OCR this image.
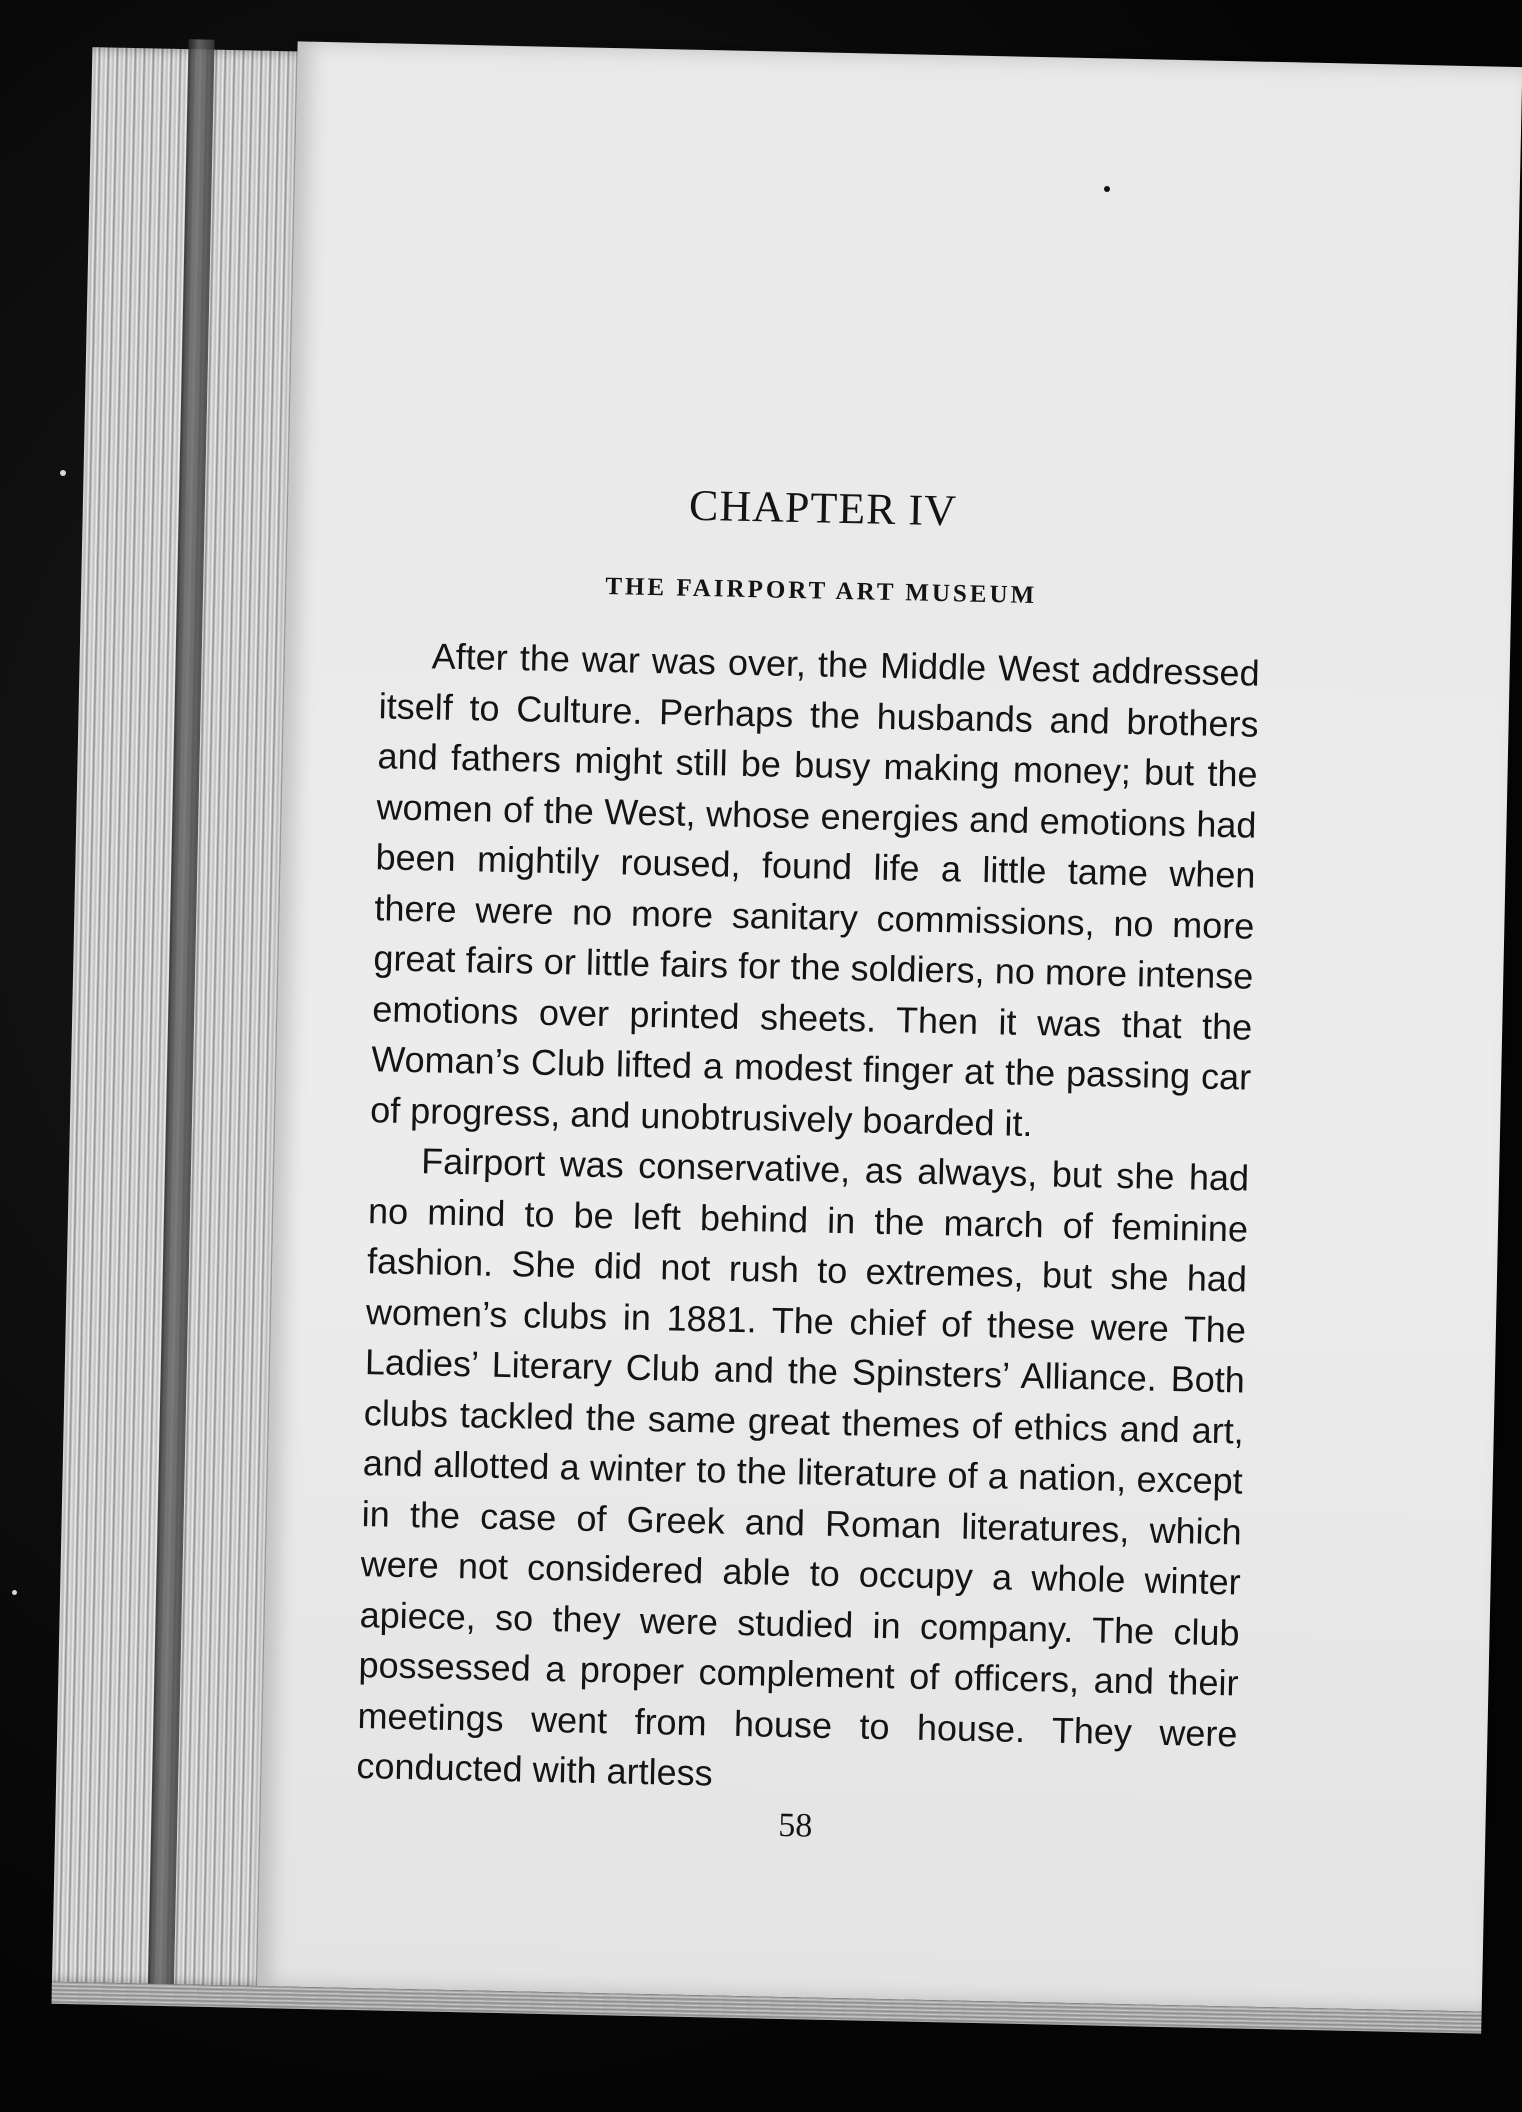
CHAPTER IV
THE FAIRPORT ART MUSEUM

After the war was over, the Middle West addressed itself to Culture. Perhaps the husbands and brothers and fathers might still be busy making money; but the women of the West, whose energies and emotions had been mightily roused, found life a little tame when there were no more sanitary commissions, no more great fairs or little fairs for the soldiers, no more intense emotions over printed sheets. Then it was that the Woman’s Club lifted a modest finger at the passing car of progress, and unobtrusively boarded it.

Fairport was conservative, as always, but she had no mind to be left behind in the march of feminine fashion. She did not rush to extremes, but she had women’s clubs in 1881. The chief of these were The Ladies’ Literary Club and the Spinsters’ Alliance. Both clubs tackled the same great themes of ethics and art, and allotted a winter to the literature of a nation, except in the case of Greek and Roman literatures, which were not considered able to occupy a whole winter apiece, so they were studied in company. The club possessed a proper complement of officers, and their meetings went from house to house. They were conducted with artless

58
